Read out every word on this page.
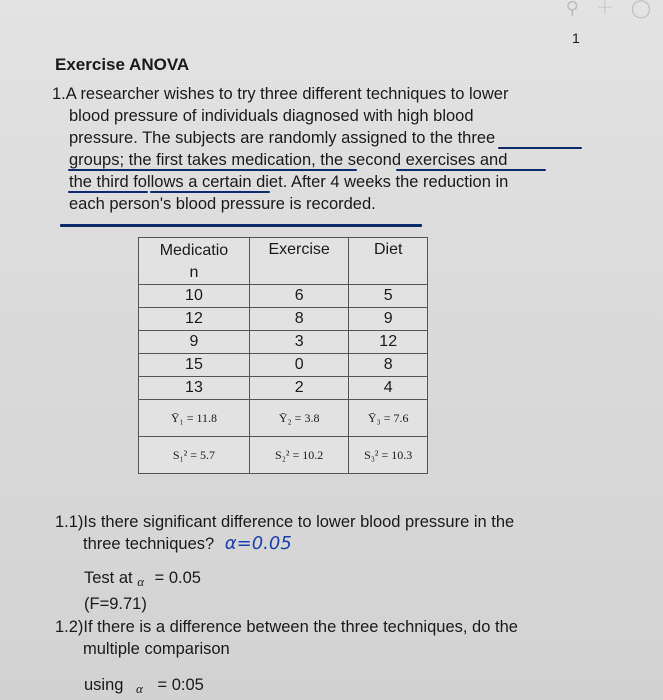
⚲ ＋ ◯
1
Exercise ANOVA
1.A researcher wishes to try three different techniques to lower
blood pressure of individuals diagnosed with high blood
pressure. The subjects are randomly assigned to the three
groups; the first takes medication, the second exercises and
the third follows a certain diet. After 4 weeks the reduction in
each person's blood pressure is recorded.
Medicatio
n	Exercise	Diet
10	6	5
12	8	9
9	3	12
15	0	8
13	2	4
Ȳ₁ = 11.8	Ȳ₂ = 3.8	Ȳ₃ = 7.6
S₁² = 5.7	S₂² = 10.2	S₃² = 10.3
1.1)Is there significant difference to lower blood pressure in the
three techniques? α=0.05
Test at α = 0.05
(F=9.71)
1.2)If there is a difference between the three techniques, do the
multiple comparison
using α = 0:05
